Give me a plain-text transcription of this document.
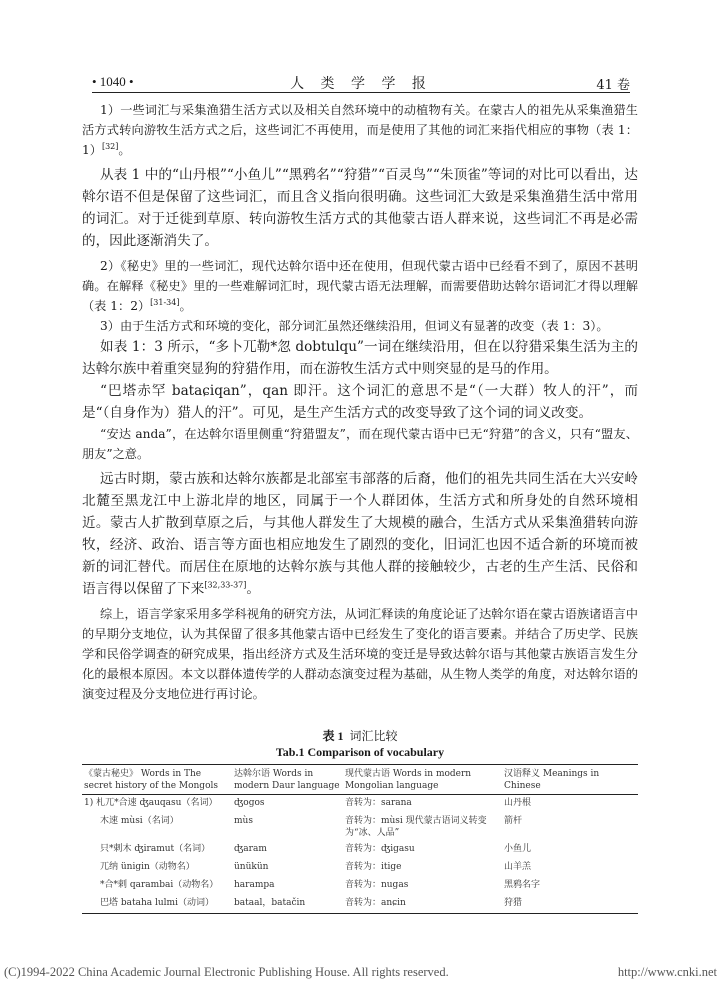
• 1040 •	人 类 学 学 报	41 卷

1）一些词汇与采集渔猎生活方式以及相关自然环境中的动植物有关。在蒙古人的祖先从采集渔猎生活方式转向游牧生活方式之后，这些词汇不再使用，而是使用了其他的词汇来指代相应的事物（表 1：1）[32]。

从表 1 中的“山丹根”“小鱼儿”“黑鸦名”“狩猎”“百灵鸟”“朱顶雀”等词的对比可以看出，达斡尔语不但是保留了这些词汇，而且含义指向很明确。这些词汇大致是采集渔猎生活中常用的词汇。对于迁徙到草原、转向游牧生活方式的其他蒙古语人群来说，这些词汇不再是必需的，因此逐渐消失了。

2）《秘史》里的一些词汇，现代达斡尔语中还在使用，但现代蒙古语中已经看不到了，原因不甚明确。在解释《秘史》里的一些难解词汇时，现代蒙古语无法理解，而需要借助达斡尔语词汇才得以理解（表 1：2）[31-34]。

3）由于生活方式和环境的变化，部分词汇虽然还继续沿用，但词义有显著的改变（表 1：3）。

如表 1：3 所示，“多卜兀勒*忽 dobtulqu”一词在继续沿用，但在以狩猎采集生活为主的达斡尔族中着重突显狗的狩猎作用，而在游牧生活方式中则突显的是马的作用。

“巴塔赤罕 bataɕiqan”，qan 即汗。这个词汇的意思不是“（一大群）牧人的汗”，而是“（自身作为）猎人的汗”。可见，是生产生活方式的改变导致了这个词的词义改变。

“安达 anda”，在达斡尔语里侧重“狩猎盟友”，而在现代蒙古语中已无“狩猎”的含义，只有“盟友、朋友”之意。

远古时期，蒙古族和达斡尔族都是北部室韦部落的后裔，他们的祖先共同生活在大兴安岭北麓至黑龙江中上游北岸的地区，同属于一个人群团体，生活方式和所身处的自然环境相近。蒙古人扩散到草原之后，与其他人群发生了大规模的融合，生活方式从采集渔猎转向游牧，经济、政治、语言等方面也相应地发生了剧烈的变化，旧词汇也因不适合新的环境而被新的词汇替代。而居住在原地的达斡尔族与其他人群的接触较少，古老的生产生活、民俗和语言得以保留了下来[32,33-37]。

综上，语言学家采用多学科视角的研究方法，从词汇释读的角度论证了达斡尔语在蒙古语族诸语言中的早期分支地位，认为其保留了很多其他蒙古语中已经发生了变化的语言要素。并结合了历史学、民族学和民俗学调查的研究成果，指出经济方式及生活环境的变迁是导致达斡尔语与其他蒙古族语言发生分化的最根本原因。本文以群体遗传学的人群动态演变过程为基础，从生物人类学的角度，对达斡尔语的演变过程及分支地位进行再讨论。

表 1 词汇比较
Tab.1 Comparison of vocabulary
《蒙古秘史》 Words in The secret history of the Mongols	达斡尔语 Words in modern Daur language	现代蒙古语 Words in modern Mongolian language	汉语释义 Meanings in Chinese
1) 札兀*合速 ʤauqasu（名词）	ʤogos	音转为：sarana	山丹根
木速 mùsi（名词）	mùs	音转为：mùsi 现代蒙古语词义转变为“冰、人品”	箭杆
只*剌木 ʤiramut（名词）	ʤaram	音转为：ʤigasu	小鱼儿
兀纳 ünigin（动物名）	ünükün	音转为：itige	山羊羔
*合*剌 qarambai（动物名）	harampa	音转为：nugas	黑鸦名字
巴塔 bataha lulmi（动词）	bataal，batačin	音转为：anɕin	狩猎
(C)1994-2022 China Academic Journal Electronic Publishing House. All rights reserved.	http://www.cnki.net
